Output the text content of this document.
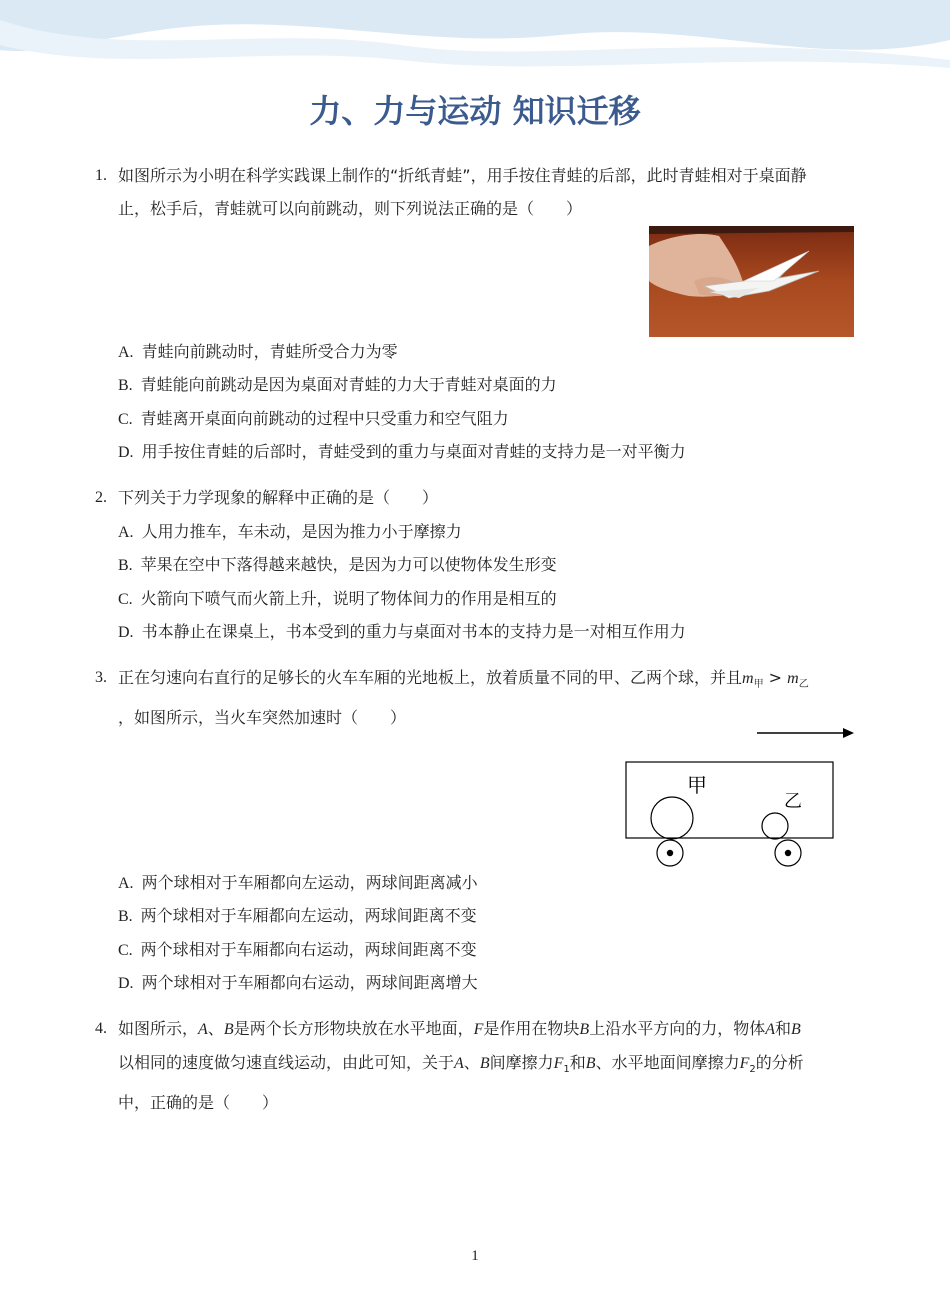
力、力与运动 知识迁移
1. 如图所示为小明在科学实践课上制作的“折纸青蛙”，用手按住青蛙的后部，此时青蛙相对于桌面静
止，松手后，青蛙就可以向前跳动，则下列说法正确的是（　　）
A. 青蛙向前跳动时，青蛙所受合力为零
B. 青蛙能向前跳动是因为桌面对青蛙的力大于青蛙对桌面的力
C. 青蛙离开桌面向前跳动的过程中只受重力和空气阻力
D. 用手按住青蛙的后部时，青蛙受到的重力与桌面对青蛙的支持力是一对平衡力
2. 下列关于力学现象的解释中正确的是（　　）
A. 人用力推车，车未动，是因为推力小于摩擦力
B. 苹果在空中下落得越来越快，是因为力可以使物体发生形变
C. 火箭向下喷气而火箭上升，说明了物体间力的作用是相互的
D. 书本静止在课桌上，书本受到的重力与桌面对书本的支持力是一对相互作用力
3. 正在匀速向右直行的足够长的火车车厢的光地板上，放着质量不同的甲、乙两个球，并且$m_甲 > m_乙$
，如图所示，当火车突然加速时（　　）
甲
乙
A. 两个球相对于车厢都向左运动，两球间距离减小
B. 两个球相对于车厢都向左运动，两球间距离不变
C. 两个球相对于车厢都向右运动，两球间距离不变
D. 两个球相对于车厢都向右运动，两球间距离增大
4. 如图所示，A、B是两个长方形物块放在水平地面，F是作用在物块B上沿水平方向的力，物体A和B
以相同的速度做匀速直线运动，由此可知，关于A、B间摩擦力$F_1$和B、水平地面间摩擦力$F_2$的分析
中，正确的是（　　）
1
